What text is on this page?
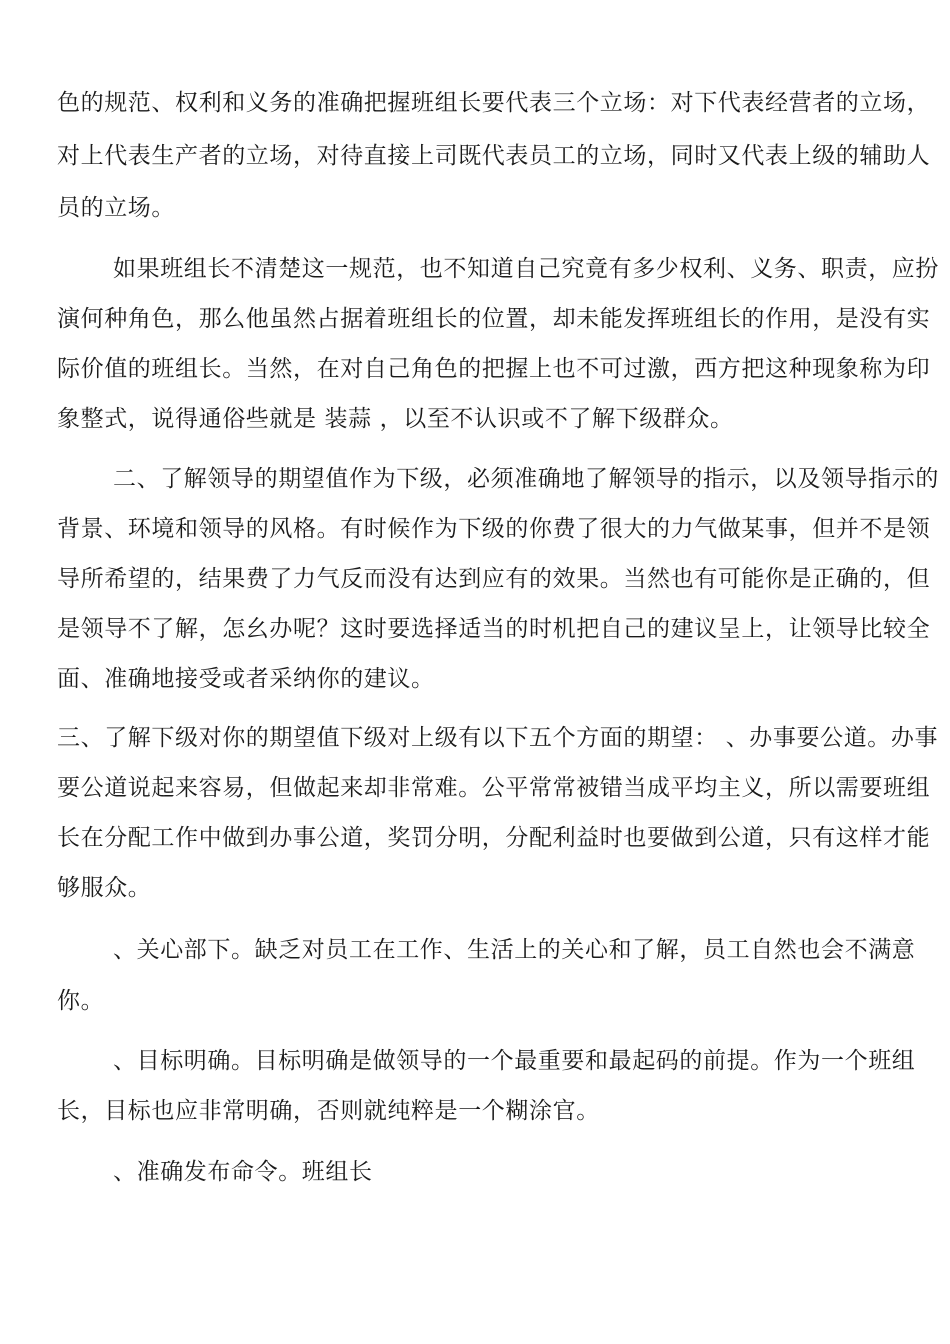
色的规范、权利和义务的准确把握班组长要代表三个立场：对下代表经营者的立场，
对上代表生产者的立场，对待直接上司既代表员工的立场，同时又代表上级的辅助人
员的立场。
如果班组长不清楚这一规范，也不知道自己究竟有多少权利、义务、职责，应扮
演何种角色，那么他虽然占据着班组长的位置，却未能发挥班组长的作用，是没有实
际价值的班组长。当然，在对自己角色的把握上也不可过激，西方把这种现象称为印
象整式，说得通俗些就是 装蒜 ，以至不认识或不了解下级群众。
二、了解领导的期望值作为下级，必须准确地了解领导的指示，以及领导指示的
背景、环境和领导的风格。有时候作为下级的你费了很大的力气做某事，但并不是领
导所希望的，结果费了力气反而没有达到应有的效果。当然也有可能你是正确的，但
是领导不了解，怎幺办呢？这时要选择适当的时机把自己的建议呈上，让领导比较全
面、准确地接受或者采纳你的建议。
三、了解下级对你的期望值下级对上级有以下五个方面的期望： 、办事要公道。办事
要公道说起来容易，但做起来却非常难。公平常常被错当成平均主义，所以需要班组
长在分配工作中做到办事公道，奖罚分明，分配利益时也要做到公道，只有这样才能
够服众。
、关心部下。缺乏对员工在工作、生活上的关心和了解，员工自然也会不满意
你。
、目标明确。目标明确是做领导的一个最重要和最起码的前提。作为一个班组
长，目标也应非常明确，否则就纯粹是一个糊涂官。
、准确发布命令。班组长
